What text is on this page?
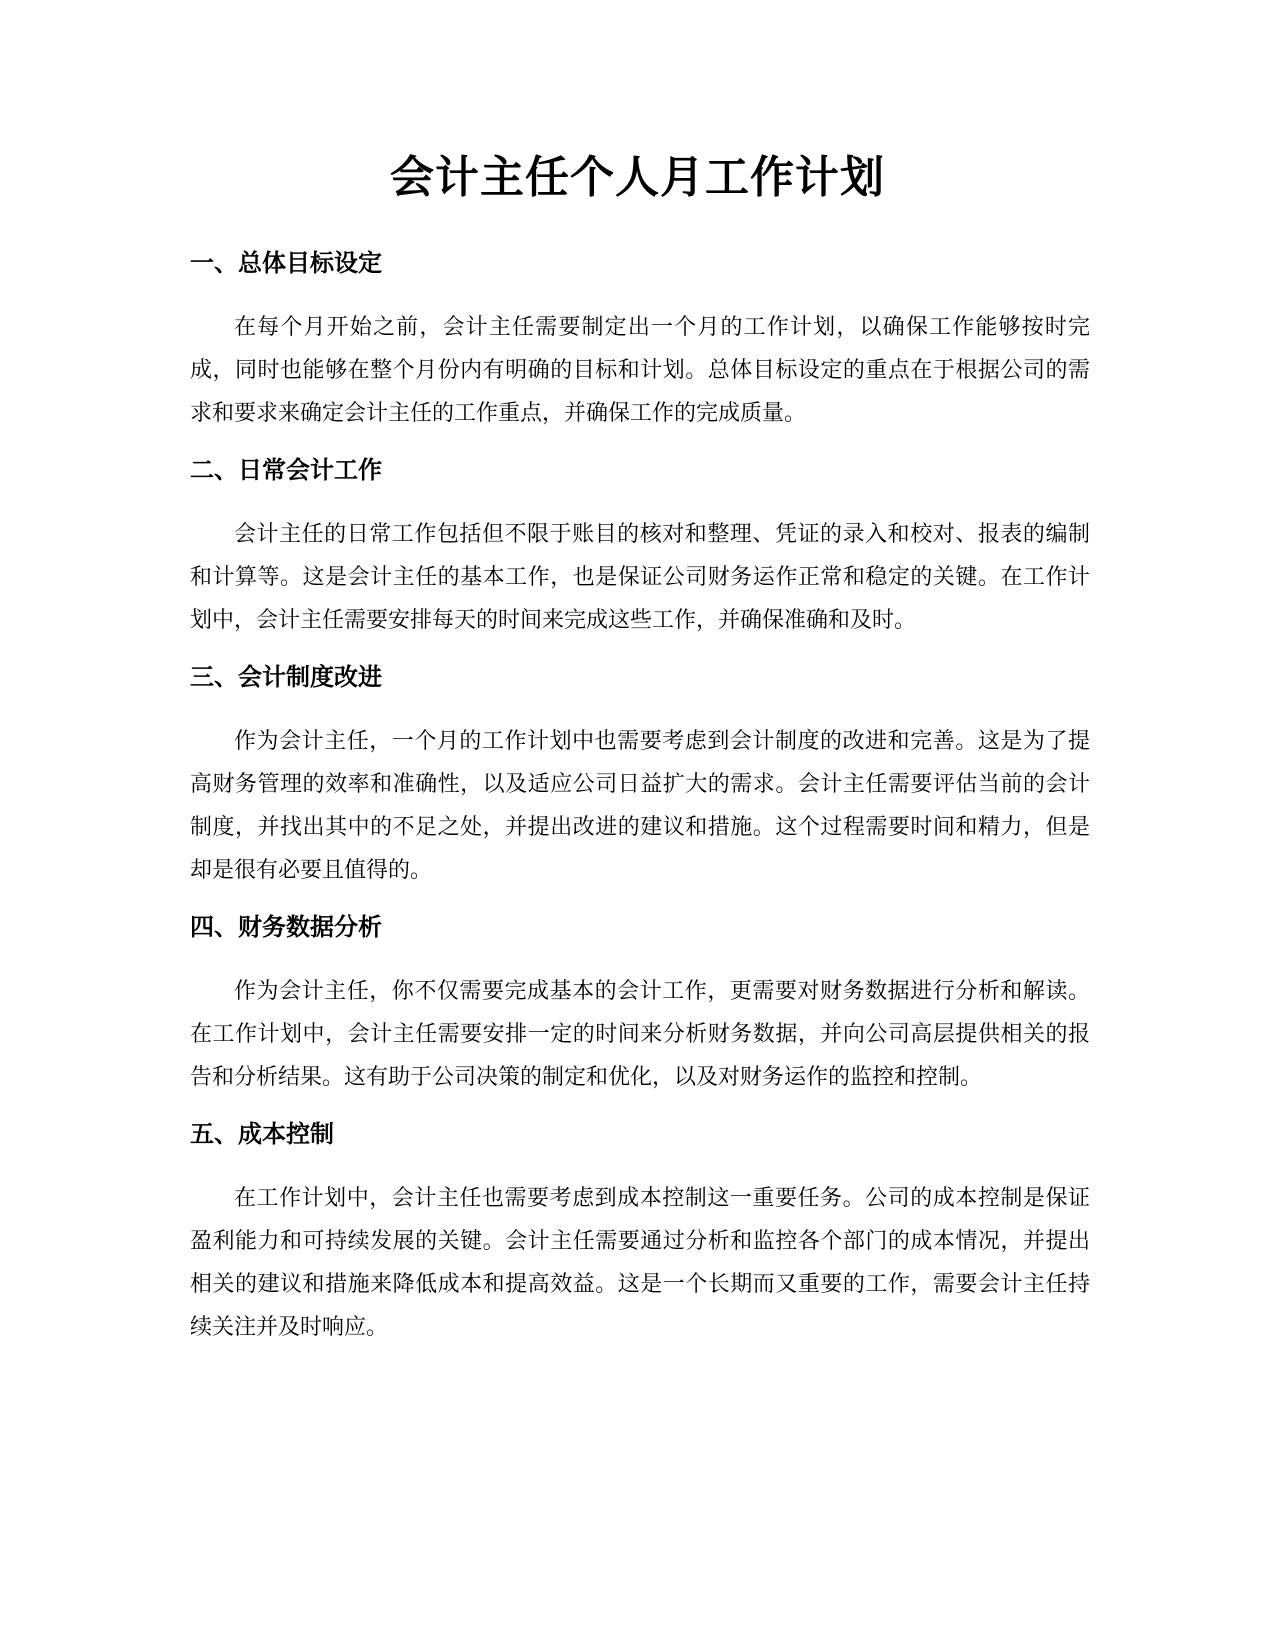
会计主任个人月工作计划
一、总体目标设定

在每个月开始之前，会计主任需要制定出一个月的工作计划，以确保工作能够按时完成，同时也能够在整个月份内有明确的目标和计划。总体目标设定的重点在于根据公司的需求和要求来确定会计主任的工作重点，并确保工作的完成质量。

二、日常会计工作

会计主任的日常工作包括但不限于账目的核对和整理、凭证的录入和校对、报表的编制和计算等。这是会计主任的基本工作，也是保证公司财务运作正常和稳定的关键。在工作计划中，会计主任需要安排每天的时间来完成这些工作，并确保准确和及时。

三、会计制度改进

作为会计主任，一个月的工作计划中也需要考虑到会计制度的改进和完善。这是为了提高财务管理的效率和准确性，以及适应公司日益扩大的需求。会计主任需要评估当前的会计制度，并找出其中的不足之处，并提出改进的建议和措施。这个过程需要时间和精力，但是却是很有必要且值得的。

四、财务数据分析

作为会计主任，你不仅需要完成基本的会计工作，更需要对财务数据进行分析和解读。在工作计划中，会计主任需要安排一定的时间来分析财务数据，并向公司高层提供相关的报告和分析结果。这有助于公司决策的制定和优化，以及对财务运作的监控和控制。

五、成本控制

在工作计划中，会计主任也需要考虑到成本控制这一重要任务。公司的成本控制是保证盈利能力和可持续发展的关键。会计主任需要通过分析和监控各个部门的成本情况，并提出相关的建议和措施来降低成本和提高效益。这是一个长期而又重要的工作，需要会计主任持续关注并及时响应。
